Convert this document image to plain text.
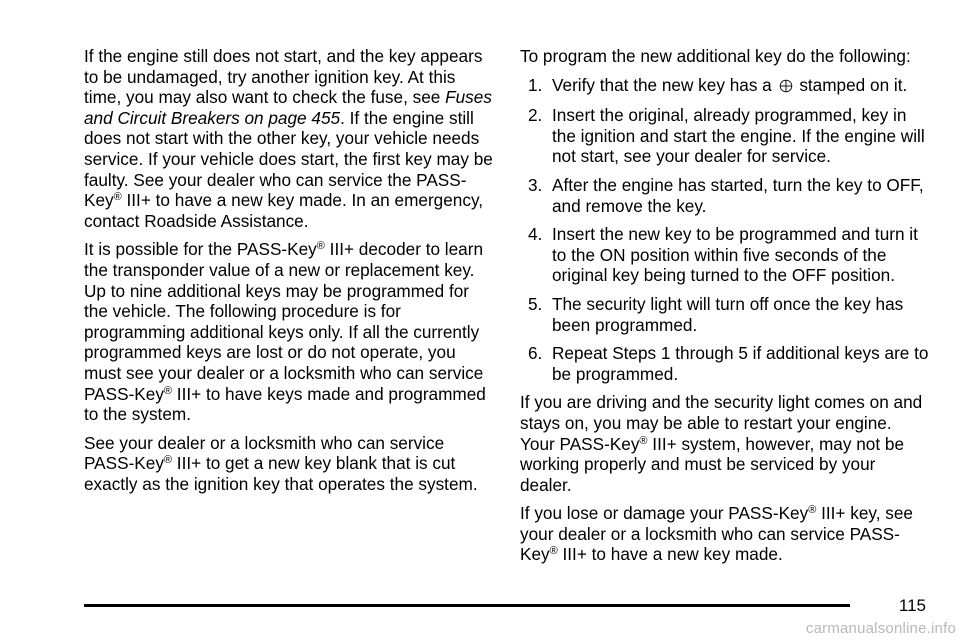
If the engine still does not start, and the key appears to be undamaged, try another ignition key. At this time, you may also want to check the fuse, see Fuses and Circuit Breakers on page 455. If the engine still does not start with the other key, your vehicle needs service. If your vehicle does start, the first key may be faulty. See your dealer who can service the PASS-Key® III+ to have a new key made. In an emergency, contact Roadside Assistance.

It is possible for the PASS-Key® III+ decoder to learn the transponder value of a new or replacement key. Up to nine additional keys may be programmed for the vehicle. The following procedure is for programming additional keys only. If all the currently programmed keys are lost or do not operate, you must see your dealer or a locksmith who can service PASS-Key® III+ to have keys made and programmed to the system.

See your dealer or a locksmith who can service PASS-Key® III+ to get a new key blank that is cut exactly as the ignition key that operates the system.

To program the new additional key do the following:

1. Verify that the new key has a stamped on it.
2. Insert the original, already programmed, key in the ignition and start the engine. If the engine will not start, see your dealer for service.
3. After the engine has started, turn the key to OFF, and remove the key.
4. Insert the new key to be programmed and turn it to the ON position within five seconds of the original key being turned to the OFF position.
5. The security light will turn off once the key has been programmed.
6. Repeat Steps 1 through 5 if additional keys are to be programmed.

If you are driving and the security light comes on and stays on, you may be able to restart your engine. Your PASS-Key® III+ system, however, may not be working properly and must be serviced by your dealer.

If you lose or damage your PASS-Key® III+ key, see your dealer or a locksmith who can service PASS-Key® III+ to have a new key made.

115
carmanualsonline.info
